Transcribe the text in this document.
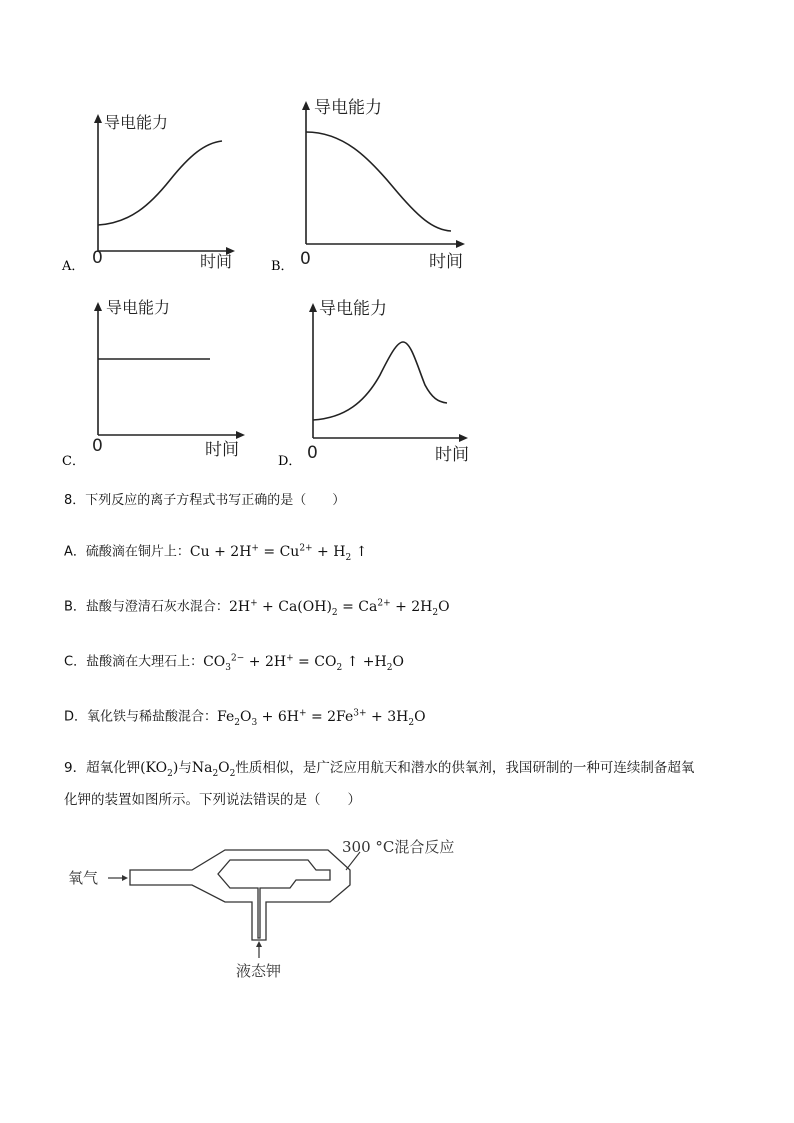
导电能力
0	时间
A．
导电能力
0	时间
B．
导电能力
0	时间
C．
导电能力
0	时间
D．
8．下列反应的离子方程式书写正确的是（　　）
A．硫酸滴在铜片上：$Cu + 2H^+ = Cu^{2+} + H_2$ ↑
B．盐酸与澄清石灰水混合：$2H^+ + Ca(OH)_2 = Ca^{2+} + 2H_2O$
C．盐酸滴在大理石上：$CO_3^{2-} + 2H^+ = CO_2$ ↑ $+H_2O$
D．氧化铁与稀盐酸混合：$Fe_2O_3 + 6H^+ = 2Fe^{3+} + 3H_2O$
9．超氧化钾$(KO_2)$与$Na_2O_2$性质相似，是广泛应用航天和潜水的供氧剂，我国研制的一种可连续制备超氧
化钾的装置如图所示。下列说法错误的是（　　）
氧气
300 °C混合反应
液态钾
